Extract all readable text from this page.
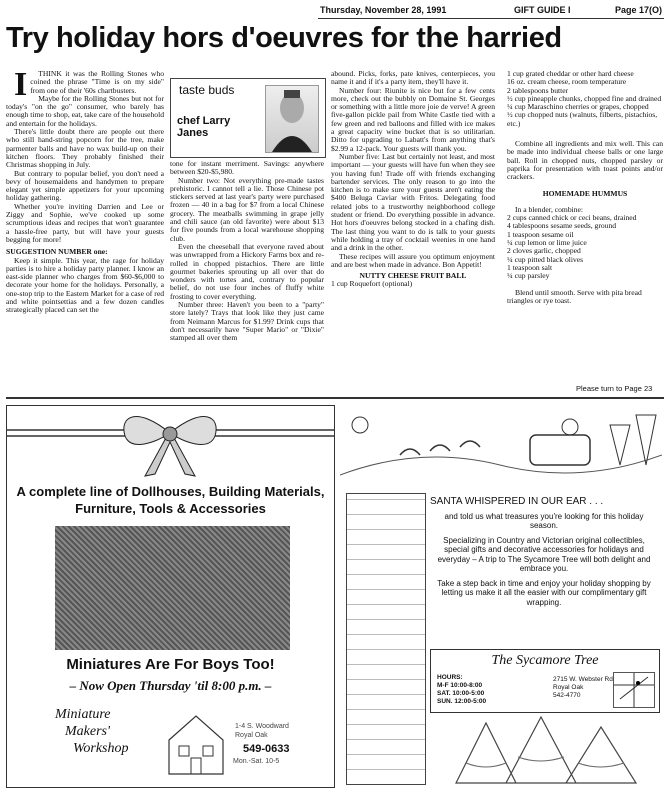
Thursday, November 28, 1991	GIFT GUIDE I	Page 17(O)
Try holiday hors d'oeuvres for the harried

I THINK it was the Rolling Stones who coined the phrase "Time is on my side" from one of their '60s chartbusters.

Maybe for the Rolling Stones but not for today's "on the go" consumer, who barely has enough time to shop, eat, take care of the household and entertain for the holidays.

There's little doubt there are people out there who still hand-string popcorn for the tree, make parmenter balls and have no wax build-up on their kitchen floors. They probably finished their Christmas shopping in July.

But contrary to popular belief, you don't need a bevy of housemaidens and handymen to prepare elegant yet simple appetizers for your upcoming holiday gathering.

Whether you're inviting Darrien and Lee or Ziggy and Sophie, we've cooked up some scrumptious ideas and recipes that won't guarantee a hassle-free party, but will have your guests begging for more!

SUGGESTION NUMBER one:

Keep it simple. This year, the rage for holiday parties is to hire a holiday party planner. I know an east-side planner who charges from $60-$6,000 to decorate your home for the holidays. Personally, a one-stop trip to the Eastern Market for a case of red and white pointsettias and a few dozen candles strategically placed can set the

taste buds
chef Larry Janes

tone for instant merriment. Savings: anywhere between $20-$5,980.

Number two: Not everything pre-made tastes prehistoric. I cannot tell a lie. Those Chinese pot stickers served at last year's party were purchased frozen — 40 in a bag for $7 from a local Chinese grocery. The meatballs swimming in grape jelly and chili sauce (an old favorite) were about $13 for five pounds from a local warehouse shopping club.

Even the cheeseball that everyone raved about was unwrapped from a Hickory Farms box and re-rolled in chopped pistachios. There are little gourmet bakeries sprouting up all over that do wonders with tortes and, contrary to popular belief, do not use four inches of fluffy white frosting to cover everything.

Number three: Haven't you been to a "party" store lately? Trays that look like they just came from Neimann Marcus for $1.99? Drink cups that don't necessarily have "Super Mario" or "Dixie" stamped all over them

abound. Picks, forks, pate knives, centerpieces, you name it and if it's a party item, they'll have it.

Number four: Riunite is nice but for a few cents more, check out the bubbly on Domaine St. Georges or something with a little more joie de verve! A green five-gallon pickle pail from White Castle tied with a few green and red balloons and filled with ice makes a great capacity wine bucket that is so utilitarian. Ditto for upgrading to Labatt's from anything that's $2.99 a 12-pack. Your guests will thank you.

Number five: Last but certainly not least, and most important — your guests will have fun when they see you having fun! Trade off with friends exchanging bartender services. The only reason to go into the kitchen is to make sure your guests aren't eating the $400 Beluga Caviar with Fritos. Delegating food related jobs to a trustworthy neighborhood college student or friend. Do everything possible in advance. Hot hors d'oeuvres belong stocked in a chafing dish. The last thing you want to do is talk to your guests while holding a tray of cocktail weenies in one hand and a drink in the other.

These recipes will assure you optimum enjoyment and are best when made in advance. Bon Appetit!

NUTTY CHEESE FRUIT BALL

1 cup Roquefort (optional)

1 cup grated cheddar or other hard cheese
16 oz. cream cheese, room temperature
2 tablespoons butter
½ cup pineapple chunks, chopped fine and drained
¼ cup Maraschino cherries or grapes, chopped
½ cup chopped nuts (walnuts, filberts, pistachios, etc.)

Combine all ingredients and mix well. This can be made into individual cheese balls or one large ball. Roll in chopped nuts, chopped parsley or paprika for presentation with toast points and/or crackers.

HOMEMADE HUMMUS

In a blender, combine:

2 cups canned chick or ceci beans, drained
4 tablespoons sesame seeds, ground
1 teaspoon sesame oil
¼ cup lemon or lime juice
2 cloves garlic, chopped
¼ cup pitted black olives
1 teaspoon salt
¼ cup parsley

Blend until smooth. Serve with pita bread triangles or rye toast.

Please turn to Page 23
A complete line of Dollhouses, Building Materials,
Furniture, Tools & Accessories
Miniatures Are For Boys Too!
– Now Open Thursday 'til 8:00 p.m. –
Miniature
Makers'
Workshop
1-4 S. Woodward
Royal Oak
549-0633
Mon.-Sat. 10-5

SANTA WHISPERED IN OUR EAR . . .

and told us what treasures you're looking for this holiday season.

Specializing in Country and Victorian original collectibles, special gifts and decorative accessories for holidays and everyday – A trip to The Sycamore Tree will both delight and embrace you.

Take a step back in time and enjoy your holiday shopping by letting us make it all the easier with our complimentary gift wrapping.

The Sycamore Tree
HOURS:
M-F 10:00-8:00
SAT. 10:00-5:00
SUN. 12:00-5:00
2715 W. Webster Rd.
Royal Oak
542-4770
